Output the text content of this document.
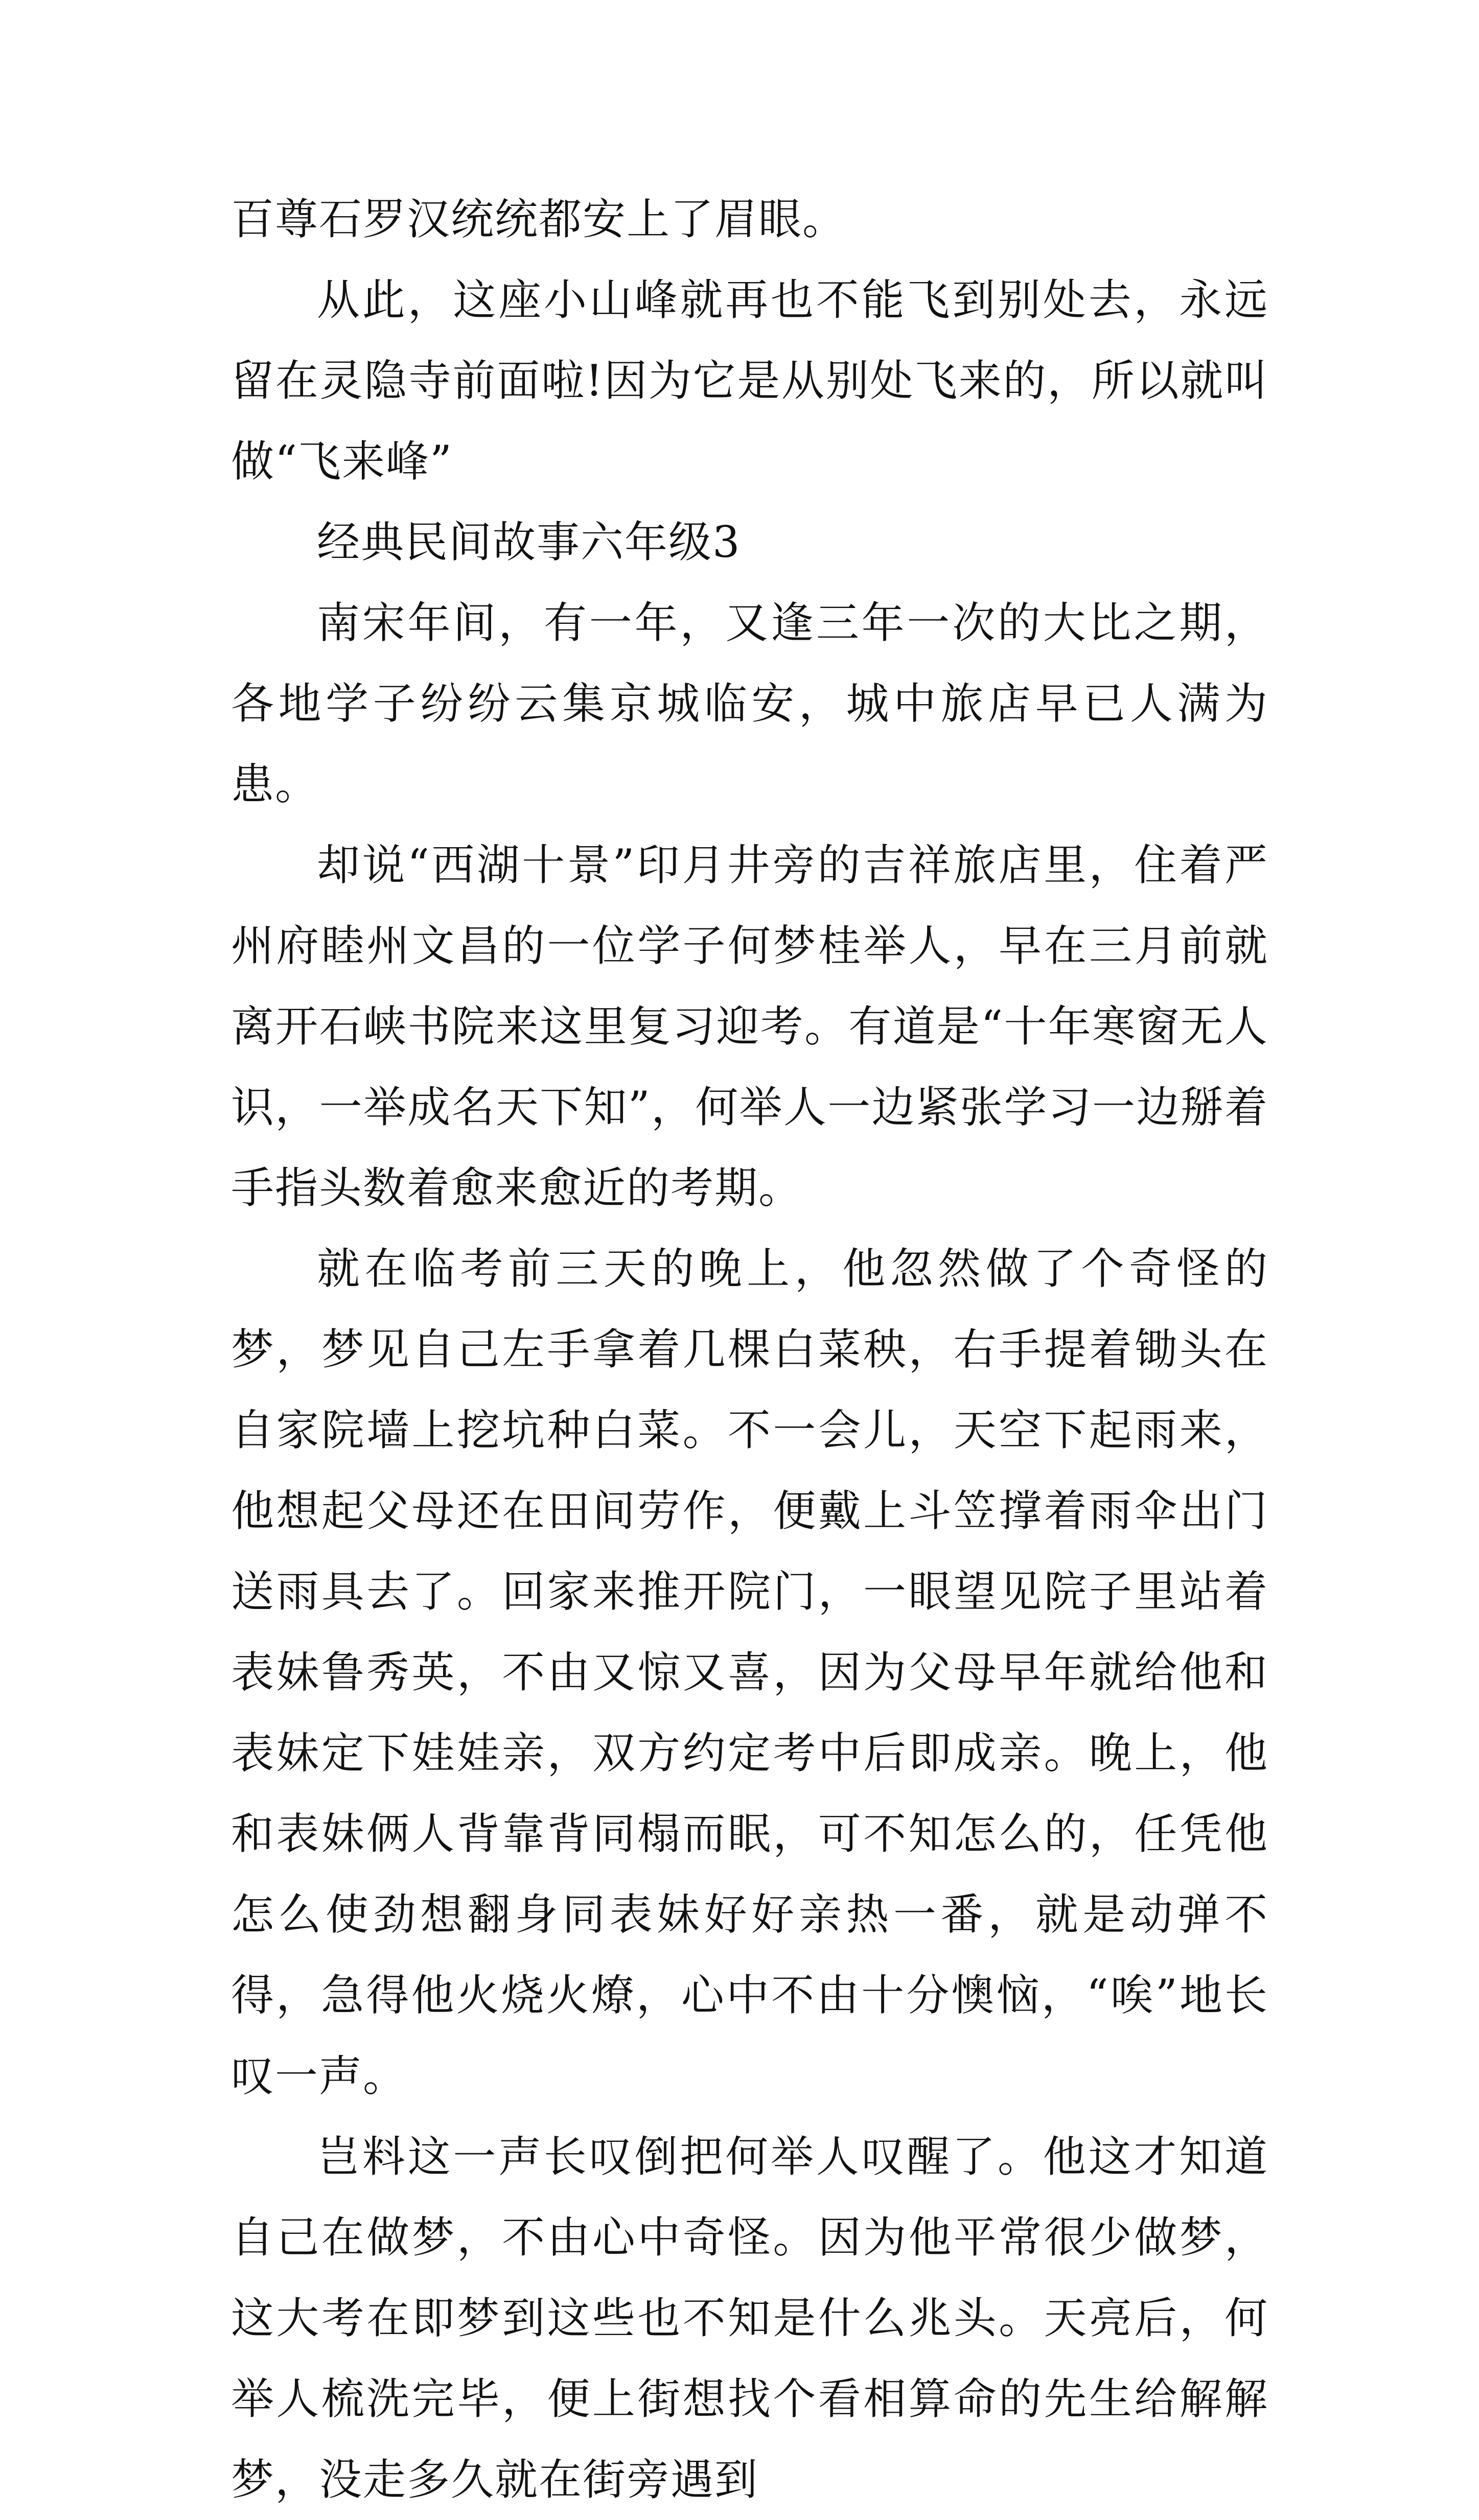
百尊石罗汉统统都安上了眉眼。

从此，这座小山峰就再也不能飞到别处去，永远留在灵隐寺前面啦!因为它是从别处飞来的，所以就叫做“飞来峰”

经典民间故事六年级3

南宋年间，有一年，又逢三年一次的大比之期，各地学子纷纷云集京城临安，城中旅店早已人满为患。

却说“西湖十景”印月井旁的吉祥旅店里，住着严州府睦州文昌的一位学子何梦桂举人，早在三月前就离开石峡书院来这里复习迎考。有道是“十年寒窗无人识，一举成名天下知”，何举人一边紧张学习一边掰着手指头数着愈来愈近的考期。

就在临考前三天的晚上，他忽然做了个奇怪的梦，梦见自己左手拿着几棵白菜秧，右手提着锄头在自家院墙上挖坑种白菜。不一会儿，天空下起雨来，他想起父母还在田间劳作，便戴上斗笠撑着雨伞出门送雨具去了。回家来推开院门，一眼望见院子里站着表妹鲁秀英，不由又惊又喜，因为父母早年就给他和表妹定下娃娃亲，双方约定考中后即成亲。晚上，他和表妹俩人背靠背同榻而眠，可不知怎么的，任凭他怎么使劲想翻身同表妹好好亲热一番，就是动弹不得，急得他火烧火燎，心中不由十分懊恼，“唉”地长叹一声。

岂料这一声长叹倒把何举人叹醒了。他这才知道自己在做梦，不由心中奇怪。因为他平常很少做梦，这大考在即梦到这些也不知是什么兆头。天亮后，何举人梳洗完毕，便上街想找个看相算命的先生给解解梦，没走多久就在街旁遇到
